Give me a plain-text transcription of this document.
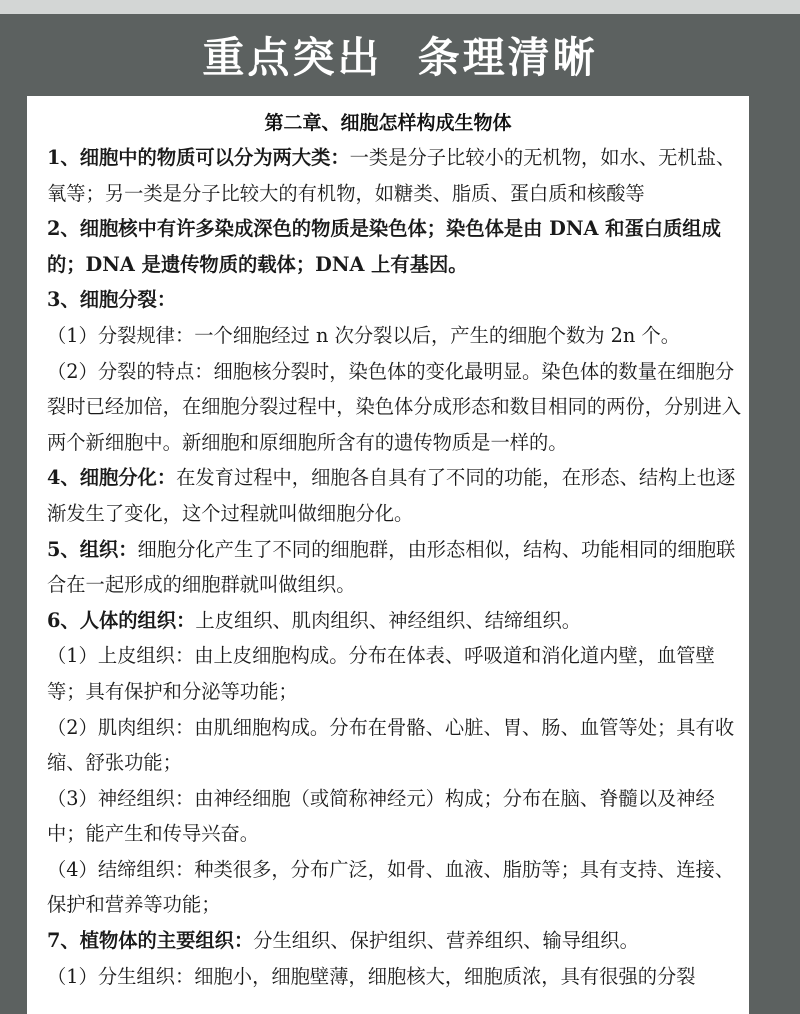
重点突出  条理清晰
第二章、细胞怎样构成生物体

1、细胞中的物质可以分为两大类：一类是分子比较小的无机物，如水、无机盐、氧等；另一类是分子比较大的有机物，如糖类、脂质、蛋白质和核酸等

2、细胞核中有许多染成深色的物质是染色体；染色体是由 DNA 和蛋白质组成的；DNA 是遗传物质的载体；DNA 上有基因。

3、细胞分裂：

（1）分裂规律：一个细胞经过 n 次分裂以后，产生的细胞个数为 2n 个。

（2）分裂的特点：细胞核分裂时，染色体的变化最明显。染色体的数量在细胞分裂时已经加倍，在细胞分裂过程中，染色体分成形态和数目相同的两份，分别进入两个新细胞中。新细胞和原细胞所含有的遗传物质是一样的。

4、细胞分化：在发育过程中，细胞各自具有了不同的功能，在形态、结构上也逐渐发生了变化，这个过程就叫做细胞分化。

5、组织：细胞分化产生了不同的细胞群，由形态相似，结构、功能相同的细胞联合在一起形成的细胞群就叫做组织。

6、人体的组织：上皮组织、肌肉组织、神经组织、结缔组织。

（1）上皮组织：由上皮细胞构成。分布在体表、呼吸道和消化道内壁，血管壁等；具有保护和分泌等功能；

（2）肌肉组织：由肌细胞构成。分布在骨骼、心脏、胃、肠、血管等处；具有收缩、舒张功能；

（3）神经组织：由神经细胞（或简称神经元）构成；分布在脑、脊髓以及神经中；能产生和传导兴奋。

（4）结缔组织：种类很多，分布广泛，如骨、血液、脂肪等；具有支持、连接、保护和营养等功能；

7、植物体的主要组织：分生组织、保护组织、营养组织、输导组织。

（1）分生组织：细胞小，细胞壁薄，细胞核大，细胞质浓，具有很强的分裂
